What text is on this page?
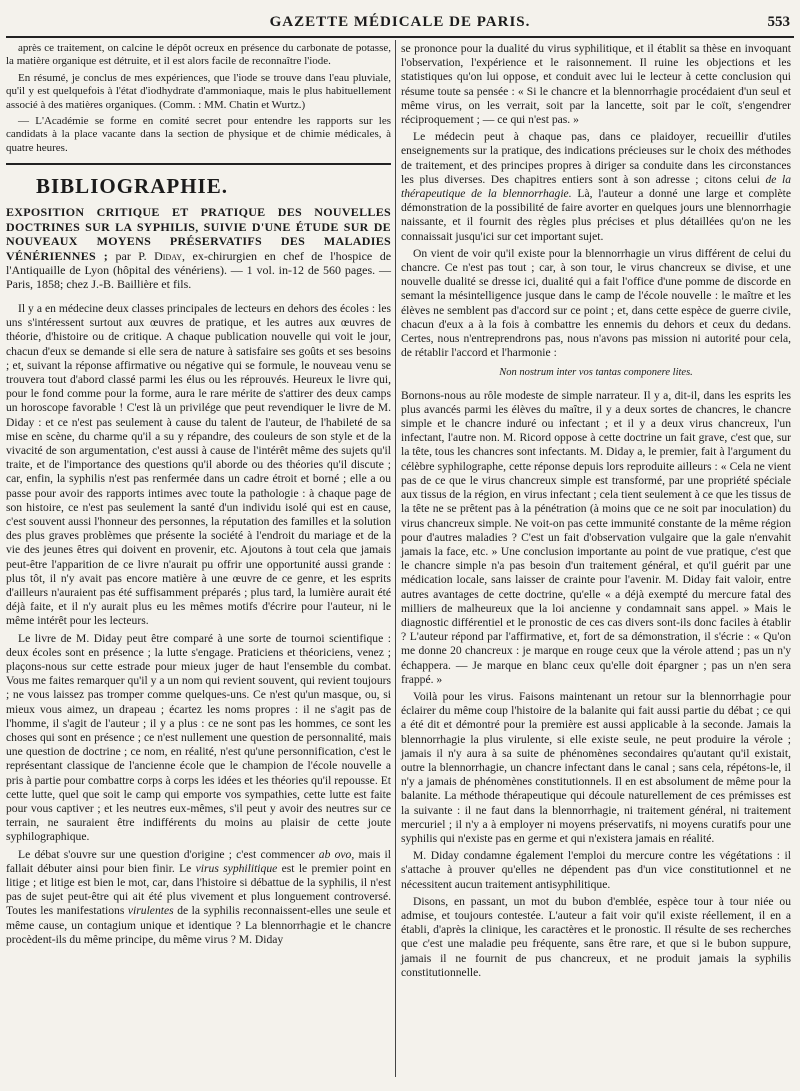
GAZETTE MÉDICALE DE PARIS.	553

après ce traitement, on calcine le dépôt ocreux en présence du carbonate de potasse, la matière organique est détruite, et il est alors facile de reconnaître l'iode.

En résumé, je conclus de mes expériences, que l'iode se trouve dans l'eau pluviale, qu'il y est quelquefois à l'état d'iodhydrate d'ammoniaque, mais le plus habituellement associé à des matières organiques. (Comm. : MM. Chatin et Wurtz.)

— L'Académie se forme en comité secret pour entendre les rapports sur les candidats à la place vacante dans la section de physique et de chimie médicales, à quatre heures.

BIBLIOGRAPHIE.

EXPOSITION CRITIQUE ET PRATIQUE DES NOUVELLES DOCTRINES SUR LA SYPHILIS, SUIVIE D'UNE ÉTUDE SUR DE NOUVEAUX MOYENS PRÉSERVATIFS DES MALADIES VÉNÉRIENNES ; par P. Diday, ex-chirurgien en chef de l'hospice de l'Antiquaille de Lyon (hôpital des vénériens). — 1 vol. in-12 de 560 pages. — Paris, 1858; chez J.-B. Baillière et fils.

Il y a en médecine deux classes principales de lecteurs en dehors des écoles : les uns s'intéressent surtout aux œuvres de pratique, et les autres aux œuvres de théorie, d'histoire ou de critique. A chaque publication nouvelle qui voit le jour, chacun d'eux se demande si elle sera de nature à satisfaire ses goûts et ses besoins ; et, suivant la réponse affirmative ou négative qui se formule, le nouveau venu se trouvera tout d'abord classé parmi les élus ou les réprouvés. Heureux le livre qui, pour le fond comme pour la forme, aura le rare mérite de s'attirer des deux camps un horoscope favorable ! C'est là un privilége que peut revendiquer le livre de M. Diday : et ce n'est pas seulement à cause du talent de l'auteur, de l'habileté de sa mise en scène, du charme qu'il a su y répandre, des couleurs de son style et de la vivacité de son argumentation, c'est aussi à cause de l'intérêt même des sujets qu'il traite, et de l'importance des questions qu'il aborde ou des théories qu'il discute ; car, enfin, la syphilis n'est pas renfermée dans un cadre étroit et borné ; elle a ou passe pour avoir des rapports intimes avec toute la pathologie : à chaque page de son histoire, ce n'est pas seulement la santé d'un individu isolé qui est en cause, c'est souvent aussi l'honneur des personnes, la réputation des familles et la solution des plus graves problèmes que présente la société à l'endroit du mariage et de la vie des jeunes êtres qui doivent en provenir, etc. Ajoutons à tout cela que jamais peut-être l'apparition de ce livre n'aurait pu offrir une opportunité aussi grande : plus tôt, il n'y avait pas encore matière à une œuvre de ce genre, et les esprits d'ailleurs n'auraient pas été suffisamment préparés ; plus tard, la lumière aurait été déjà faite, et il n'y aurait plus eu les mêmes motifs d'écrire pour l'auteur, ni le même intérêt pour les lecteurs.

Le livre de M. Diday peut être comparé à une sorte de tournoi scientifique : deux écoles sont en présence ; la lutte s'engage. Praticiens et théoriciens, venez ; plaçons-nous sur cette estrade pour mieux juger de haut l'ensemble du combat. Vous me faites remarquer qu'il y a un nom qui revient souvent, qui revient toujours ; ne vous laissez pas tromper comme quelques-uns. Ce n'est qu'un masque, ou, si mieux vous aimez, un drapeau ; écartez les noms propres : il ne s'agit pas de l'homme, il s'agit de l'auteur ; il y a plus : ce ne sont pas les hommes, ce sont les choses qui sont en présence ; ce n'est nullement une question de personnalité, mais une question de doctrine ; ce nom, en réalité, n'est qu'une personnification, c'est le représentant classique de l'ancienne école que le champion de l'école nouvelle a pris à partie pour combattre corps à corps les idées et les théories qu'il repousse. Et cette lutte, quel que soit le camp qui emporte vos sympathies, cette lutte est faite pour vous captiver ; et les neutres eux-mêmes, s'il peut y avoir des neutres sur ce terrain, ne sauraient être indifférents du moins au plaisir de cette joute syphilographique.

Le débat s'ouvre sur une question d'origine ; c'est commencer ab ovo, mais il fallait débuter ainsi pour bien finir. Le virus syphilitique est le premier point en litige ; et litige est bien le mot, car, dans l'histoire si débattue de la syphilis, il n'est pas de sujet peut-être qui ait été plus vivement et plus longuement controversé. Toutes les manifestations virulentes de la syphilis reconnaissent-elles une seule et même cause, un contagium unique et identique ? La blennorrhagie et le chancre procèdent-ils du même principe, du même virus ? M. Diday

se prononce pour la dualité du virus syphilitique, et il établit sa thèse en invoquant l'observation, l'expérience et le raisonnement. Il ruine les objections et les statistiques qu'on lui oppose, et conduit avec lui le lecteur à cette conclusion qui résume toute sa pensée : « Si le chancre et la blennorrhagie procédaient d'un seul et même virus, on les verrait, soit par la lancette, soit par le coït, s'engendrer réciproquement ; — ce qui n'est pas. »

Le médecin peut à chaque pas, dans ce plaidoyer, recueillir d'utiles enseignements sur la pratique, des indications précieuses sur le choix des méthodes de traitement, et des principes propres à diriger sa conduite dans les circonstances les plus diverses. Des chapitres entiers sont à son adresse ; citons celui de la thérapeutique de la blennorrhagie. Là, l'auteur a donné une large et complète démonstration de la possibilité de faire avorter en quelques jours une blennorrhagie naissante, et il fournit des règles plus précises et plus détaillées qu'on ne les connaissait jusqu'ici sur cet important sujet.

On vient de voir qu'il existe pour la blennorrhagie un virus différent de celui du chancre. Ce n'est pas tout ; car, à son tour, le virus chancreux se divise, et une nouvelle dualité se dresse ici, dualité qui a fait l'office d'une pomme de discorde en semant la mésintelligence jusque dans le camp de l'école nouvelle : le maître et les élèves ne semblent pas d'accord sur ce point ; et, dans cette espèce de guerre civile, chacun d'eux a à la fois à combattre les ennemis du dehors et ceux du dedans. Certes, nous n'entreprendrons pas, nous n'avons pas mission ni autorité pour cela, de rétablir l'accord et l'harmonie :

Non nostrum inter vos tantas componere lites.

Bornons-nous au rôle modeste de simple narrateur. Il y a, dit-il, dans les esprits les plus avancés parmi les élèves du maître, il y a deux sortes de chancres, le chancre simple et le chancre induré ou infectant ; et il y a deux virus chancreux, l'un infectant, l'autre non. M. Ricord oppose à cette doctrine un fait grave, c'est que, sur la tête, tous les chancres sont infectants. M. Diday a, le premier, fait à l'argument du célèbre syphilographe, cette réponse depuis lors reproduite ailleurs : « Cela ne vient pas de ce que le virus chancreux simple est transformé, par une propriété spéciale aux tissus de la région, en virus infectant ; cela tient seulement à ce que les tissus de la tête ne se prêtent pas à la pénétration (à moins que ce ne soit par inoculation) du virus chancreux simple. Ne voit-on pas cette immunité constante de la même région pour d'autres maladies ? C'est un fait d'observation vulgaire que la gale n'envahit jamais la face, etc. » Une conclusion importante au point de vue pratique, c'est que le chancre simple n'a pas besoin d'un traitement général, et qu'il guérit par une médication locale, sans laisser de crainte pour l'avenir. M. Diday fait valoir, entre autres avantages de cette doctrine, qu'elle « a déjà exempté du mercure fatal des milliers de malheureux que la loi ancienne y condamnait sans appel. » Mais le diagnostic différentiel et le pronostic de ces cas divers sont-ils donc faciles à établir ? L'auteur répond par l'affirmative, et, fort de sa démonstration, il s'écrie : « Qu'on me donne 20 chancreux : je marque en rouge ceux que la vérole attend ; pas un n'y échappera. — Je marque en blanc ceux qu'elle doit épargner ; pas un n'en sera frappé. »

Voilà pour les virus. Faisons maintenant un retour sur la blennorrhagie pour éclairer du même coup l'histoire de la balanite qui fait aussi partie du débat ; ce qui a été dit et démontré pour la première est aussi applicable à la seconde. Jamais la blennorrhagie la plus virulente, si elle existe seule, ne peut produire la vérole ; jamais il n'y aura à sa suite de phénomènes secondaires qu'autant qu'il existait, outre la blennorrhagie, un chancre infectant dans le canal ; sans cela, répétons-le, il n'y a jamais de phénomènes constitutionnels. Il en est absolument de même pour la balanite. La méthode thérapeutique qui découle naturellement de ces prémisses est la suivante : il ne faut dans la blennorrhagie, ni traitement général, ni traitement mercuriel ; il n'y a à employer ni moyens préservatifs, ni moyens curatifs pour une syphilis qui n'existe pas en germe et qui n'existera jamais en réalité.

M. Diday condamne également l'emploi du mercure contre les végétations : il s'attache à prouver qu'elles ne dépendent pas d'un vice constitutionnel et ne nécessitent aucun traitement antisyphilitique.

Disons, en passant, un mot du bubon d'emblée, espèce tour à tour niée ou admise, et toujours contestée. L'auteur a fait voir qu'il existe réellement, il en a établi, d'après la clinique, les caractères et le pronostic. Il résulte de ses recherches que c'est une maladie peu fréquente, sans être rare, et que si le bubon suppure, jamais il ne fournit de pus chancreux, et ne produit jamais la syphilis constitutionnelle.
